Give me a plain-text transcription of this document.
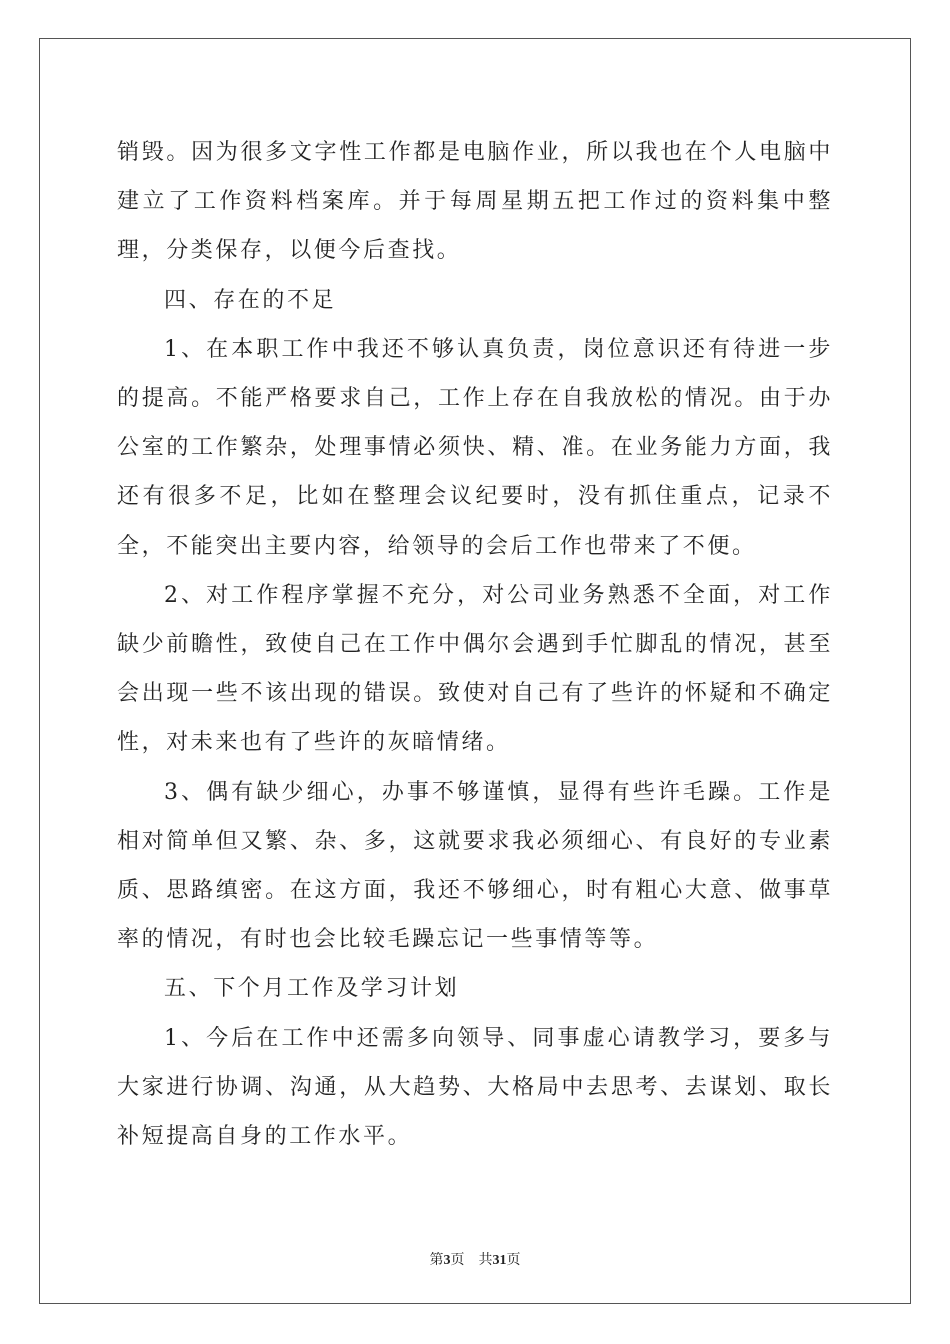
销毁。因为很多文字性工作都是电脑作业，所以我也在个人电脑中建立了工作资料档案库。并于每周星期五把工作过的资料集中整理，分类保存，以便今后查找。

四、存在的不足

1、在本职工作中我还不够认真负责，岗位意识还有待进一步的提高。不能严格要求自己，工作上存在自我放松的情况。由于办公室的工作繁杂，处理事情必须快、精、准。在业务能力方面，我还有很多不足，比如在整理会议纪要时，没有抓住重点，记录不全，不能突出主要内容，给领导的会后工作也带来了不便。

2、对工作程序掌握不充分，对公司业务熟悉不全面，对工作缺少前瞻性，致使自己在工作中偶尔会遇到手忙脚乱的情况，甚至会出现一些不该出现的错误。致使对自己有了些许的怀疑和不确定性，对未来也有了些许的灰暗情绪。

3、偶有缺少细心，办事不够谨慎，显得有些许毛躁。工作是相对简单但又繁、杂、多，这就要求我必须细心、有良好的专业素质、思路缜密。在这方面，我还不够细心，时有粗心大意、做事草率的情况，有时也会比较毛躁忘记一些事情等等。

五、下个月工作及学习计划

1、今后在工作中还需多向领导、同事虚心请教学习，要多与大家进行协调、沟通，从大趋势、大格局中去思考、去谋划、取长补短提高自身的工作水平。

第3页 共31页
